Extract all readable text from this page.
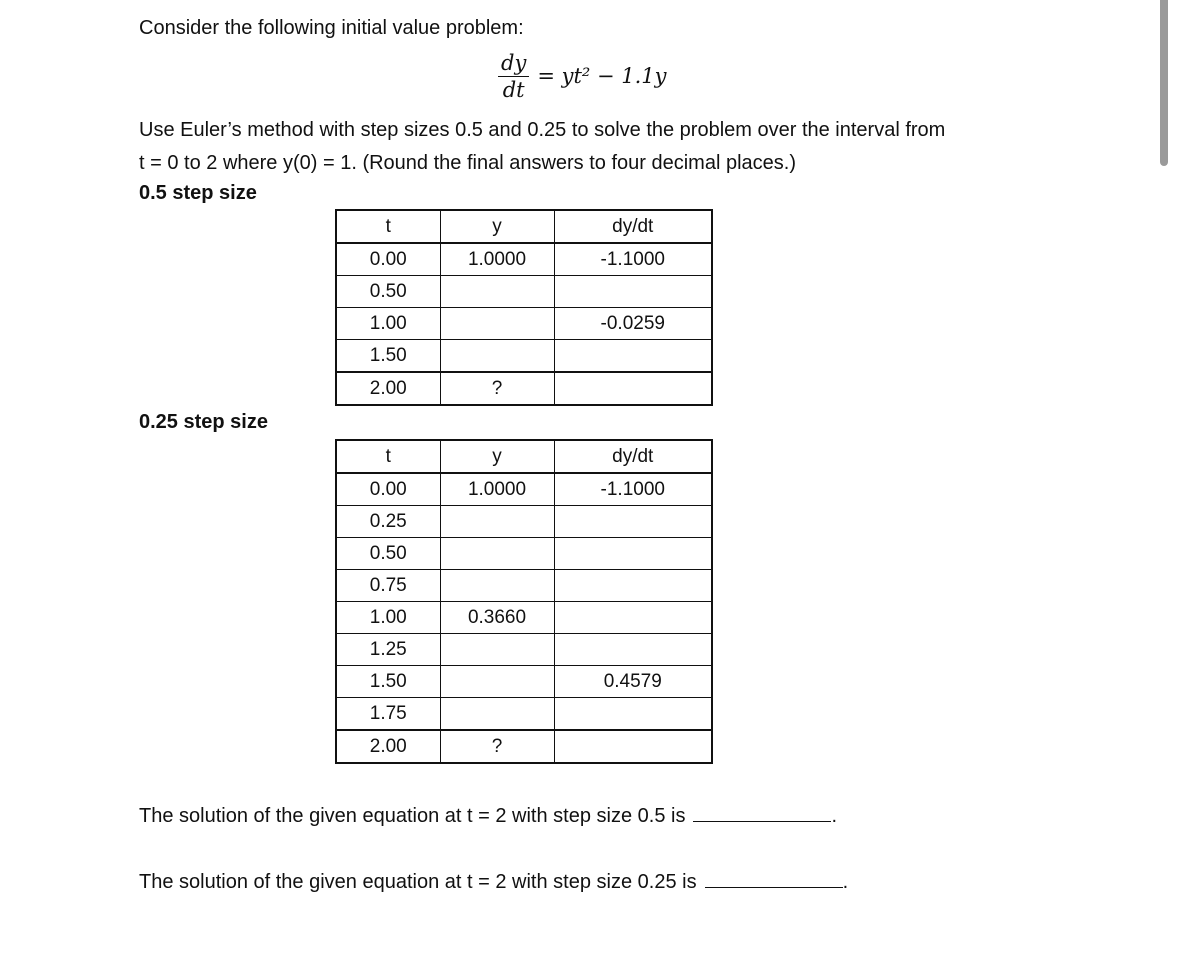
Consider the following initial value problem:
$\frac{dy}{dt} = yt^2 - 1.1y$
Use Euler’s method with step sizes 0.5 and 0.25 to solve the problem over the interval from
t = 0 to 2 where y(0) = 1. (Round the final answers to four decimal places.)
0.5 step size
t	y	dy/dt
0.00	1.0000	-1.1000
0.50		
1.00		-0.0259
1.50		
2.00	?	
0.25 step size
t	y	dy/dt
0.00	1.0000	-1.1000
0.25		
0.50		
0.75		
1.00	0.3660	
1.25		
1.50		0.4579
1.75		
2.00	?	
The solution of the given equation at t = 2 with step size 0.5 is	.
The solution of the given equation at t = 2 with step size 0.25 is	.
